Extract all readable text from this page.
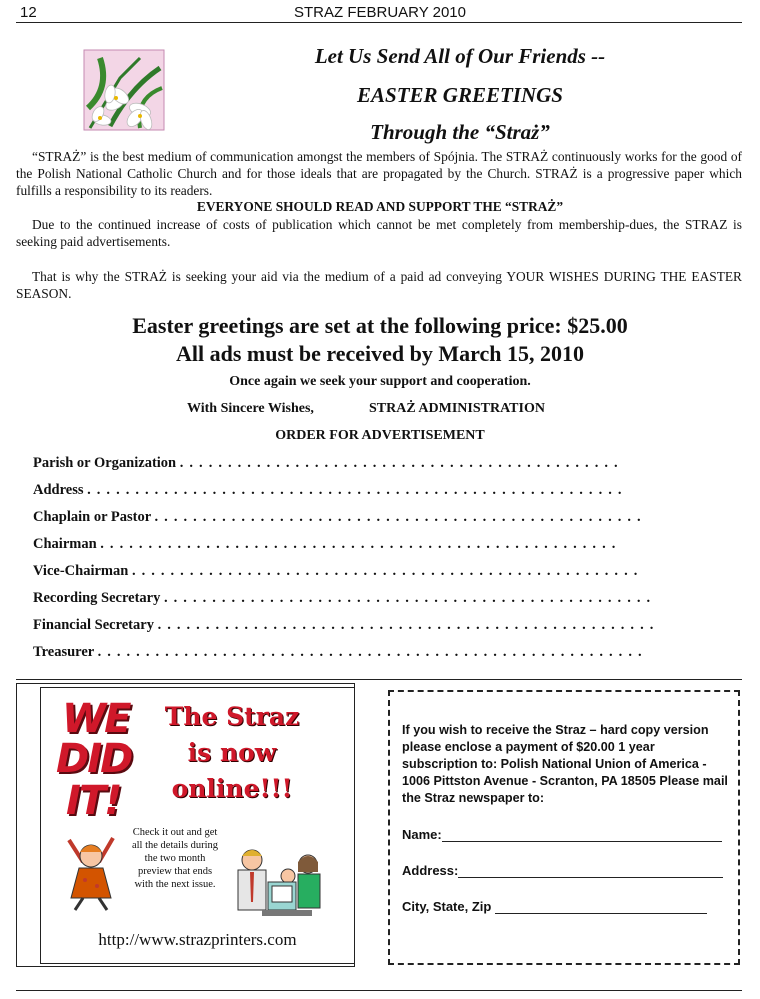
12	STRAZ FEBRUARY 2010
Let Us Send All of Our Friends --
EASTER GREETINGS
Through the “Straż”
“STRAŻ” is the best medium of communication amongst the members of Spójnia. The STRAŻ continuously works for the good of the Polish National Catholic Church and for those ideals that are propagated by the Church. STRAŻ is a progressive paper which fulfills a responsibility to its readers.
EVERYONE SHOULD READ AND SUPPORT THE “STRAŻ”
Due to the continued increase of costs of publication which cannot be met completely from membership-dues, the STRAZ is seeking paid advertisements.
That is why the STRAŻ is seeking your aid via the medium of a paid ad conveying YOUR WISHES DURING THE EASTER SEASON.
Easter greetings are set at the following price: $25.00
All ads must be received by March 15, 2010
Once again we seek your support and cooperation.
With Sincere Wishes,	STRAŻ ADMINISTRATION
ORDER FOR ADVERTISEMENT
Parish or Organization . . . . . . . . . . . . . . . . . . . . . . . . . . . . . . . . . . . . . . . . . . . . . .
Address . . . . . . . . . . . . . . . . . . . . . . . . . . . . . . . . . . . . . . . . . . . . . . . . . . . . . . . .
Chaplain or Pastor . . . . . . . . . . . . . . . . . . . . . . . . . . . . . . . . . . . . . . . . . . . . . . . . . . .
Chairman . . . . . . . . . . . . . . . . . . . . . . . . . . . . . . . . . . . . . . . . . . . . . . . . . . . . . .
Vice-Chairman . . . . . . . . . . . . . . . . . . . . . . . . . . . . . . . . . . . . . . . . . . . . . . . . . . . . .
Recording Secretary . . . . . . . . . . . . . . . . . . . . . . . . . . . . . . . . . . . . . . . . . . . . . . . . . . .
Financial Secretary . . . . . . . . . . . . . . . . . . . . . . . . . . . . . . . . . . . . . . . . . . . . . . . . . . . .
Treasurer . . . . . . . . . . . . . . . . . . . . . . . . . . . . . . . . . . . . . . . . . . . . . . . . . . . . . . . . .
WE
DID
IT!
The Straz
is now
online!!!
Check it out and get all the details during the two month preview that ends with the next issue.
http://www.strazprinters.com
If you wish to receive the Straz – hard copy version please enclose a payment of $20.00 1 year subscription to: Polish National Union of America - 1006 Pittston Avenue - Scranton, PA 18505 Please mail the Straz newspaper to:
Name:
Address:
City, State, Zip
